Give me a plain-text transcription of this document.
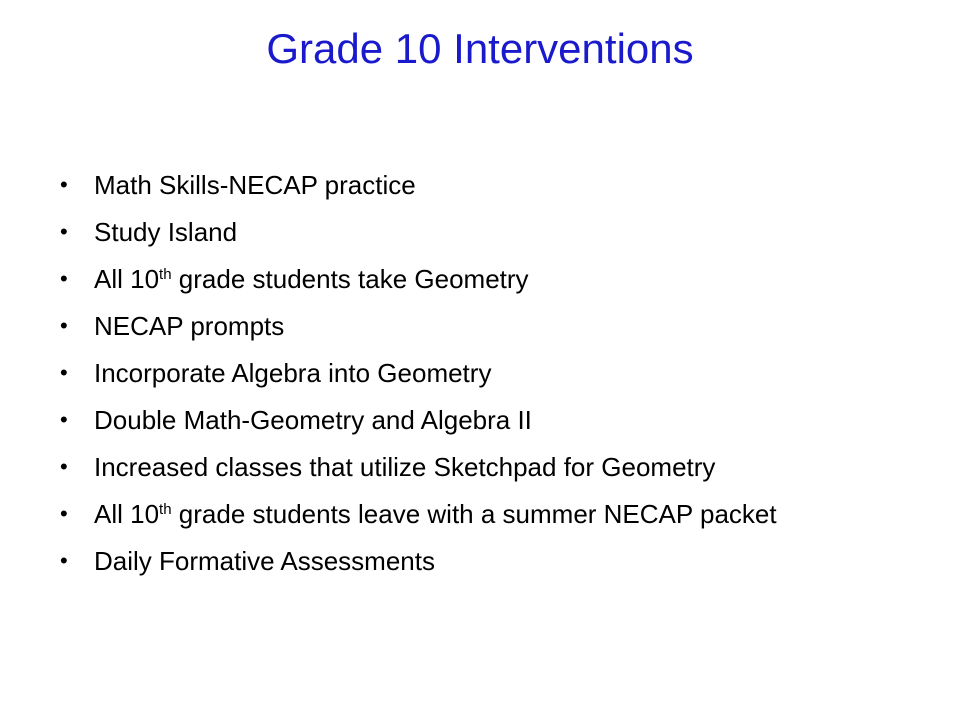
Grade 10 Interventions
• Math Skills-NECAP practice
• Study Island
• All 10th grade students take Geometry
• NECAP prompts
• Incorporate Algebra into Geometry
• Double Math-Geometry and Algebra II
• Increased classes that utilize Sketchpad for Geometry
• All 10th grade students leave with a summer NECAP packet
• Daily Formative Assessments
